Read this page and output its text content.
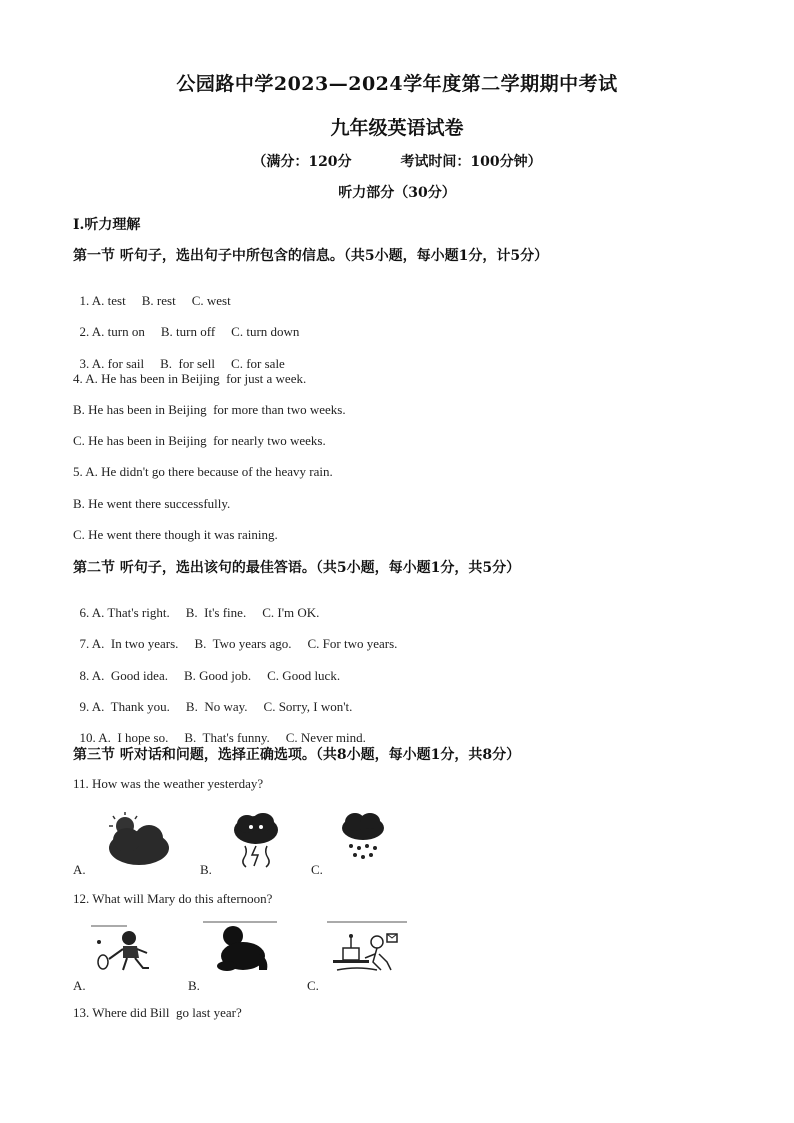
公园路中学2023—2024学年度第二学期期中考试
九年级英语试卷
（满分：120分	考试时间：100分钟）
听力部分（30分）
I.听力理解
第一节 听句子，选出句子中所包含的信息。（共5小题，每小题1分，计5分）

1. A. test B. rest C. west

2. A. turn on B. turn off C. turn down

3. A. for sail B.  for sell C. for sale

4. A. He has been in Beijing  for just a week.
B. He has been in Beijing  for more than two weeks.
C. He has been in Beijing  for nearly two weeks.
5. A. He didn't go there because of the heavy rain.
B. He went there successfully.
C. He went there though it was raining.
第二节 听句子，选出该句的最佳答语。（共5小题，每小题1分，共5分）

6. A. That's right. B.  It's fine. C. I'm OK.

7. A.  In two years. B.  Two years ago. C. For two years.

8. A.  Good idea. B. Good job. C. Good luck.

9. A.  Thank you. B.  No way. C. Sorry, I won't.

10. A.  I hope so. B.  That's funny. C. Never mind.

第三节 听对话和问题，选择正确选项。（共8小题，每小题1分，共8分）
11. How was the weather yesterday?
A.	B.	C.
12. What will Mary do this afternoon?
A.	B.	C.
13. Where did Bill  go last year?
